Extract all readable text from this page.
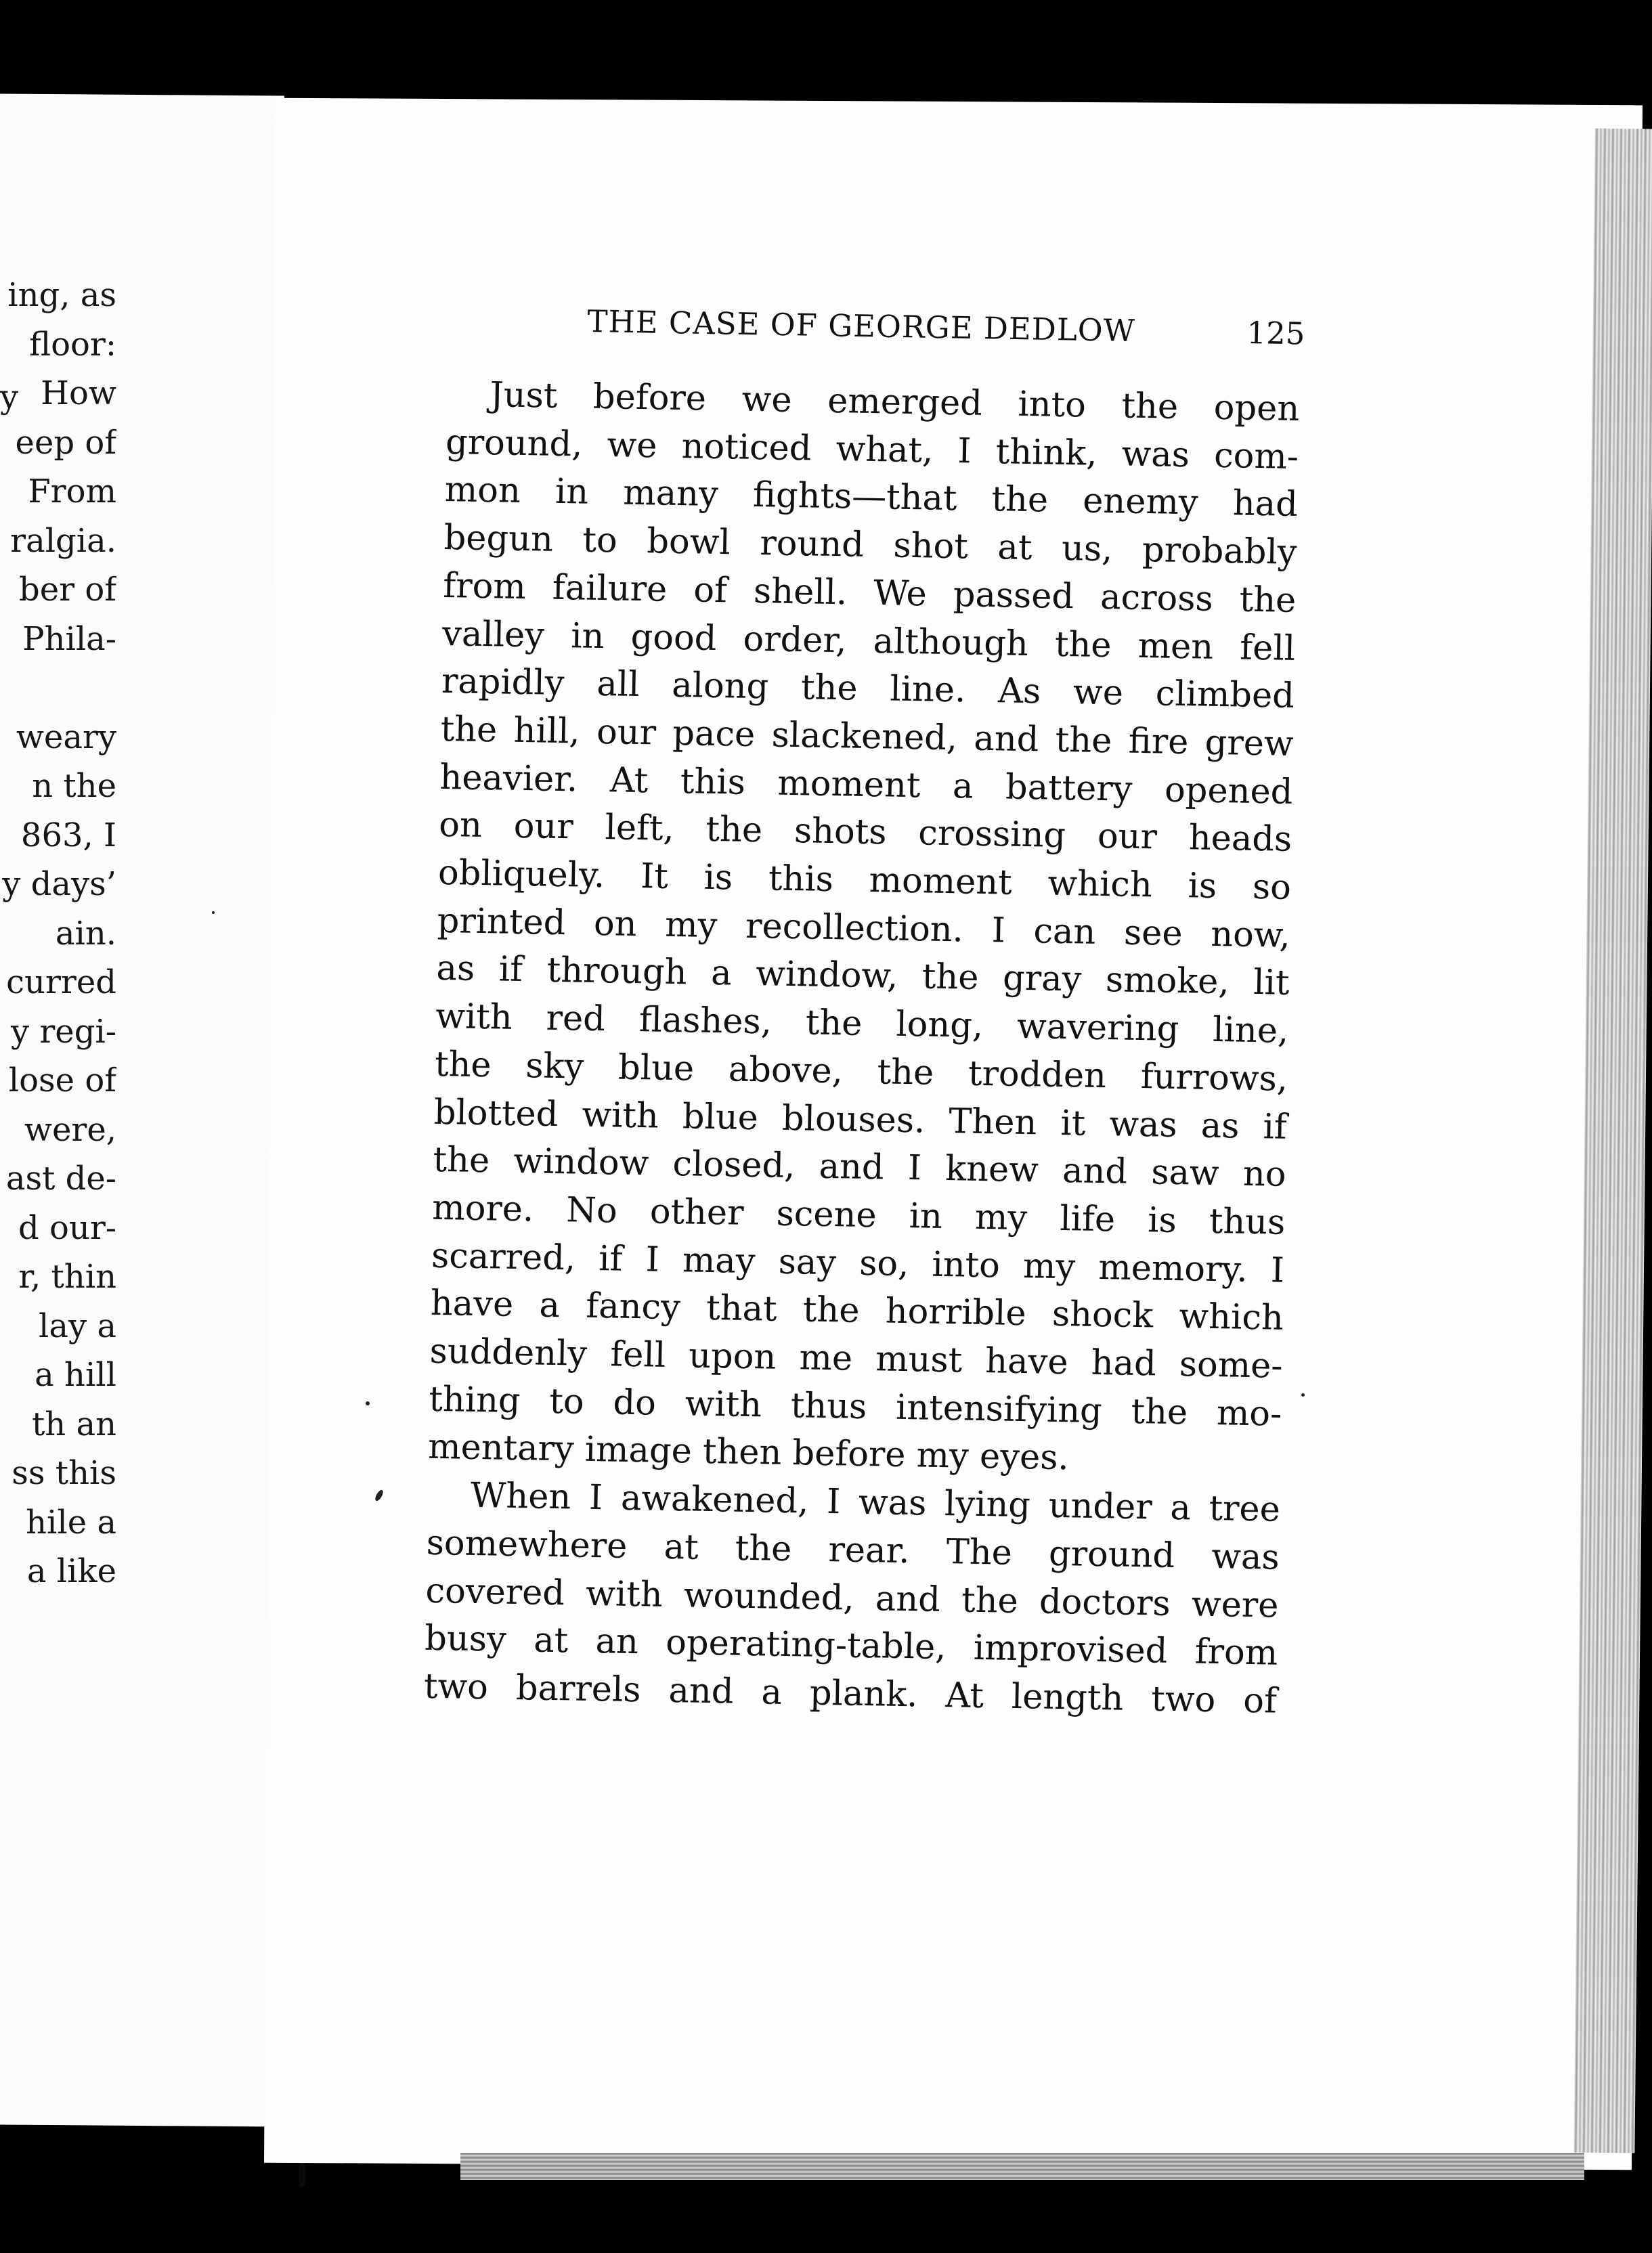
y
ing, as
floor:
How
eep of
From
ralgia.
ber of
Phila-
weary
n the
863, I
y days’
ain.
curred
y regi-
lose of
were,
ast de-
d our-
r, thin
lay a
a hill
th an
ss this
hile a
a like
THE CASE OF GEORGE DEDLOW	125

Just before we emerged into the open
ground, we noticed what, I think, was com-
mon in many fights—that the enemy had
begun to bowl round shot at us, probably
from failure of shell. We passed across the
valley in good order, although the men fell
rapidly all along the line. As we climbed
the hill, our pace slackened, and the fire grew
heavier. At this moment a battery opened
on our left, the shots crossing our heads
obliquely. It is this moment which is so
printed on my recollection. I can see now,
as if through a window, the gray smoke, lit
with red flashes, the long, wavering line,
the sky blue above, the trodden furrows,
blotted with blue blouses. Then it was as if
the window closed, and I knew and saw no
more. No other scene in my life is thus
scarred, if I may say so, into my memory. I
have a fancy that the horrible shock which
suddenly fell upon me must have had some-
thing to do with thus intensifying the mo-
mentary image then before my eyes.

When I awakened, I was lying under a tree
somewhere at the rear. The ground was
covered with wounded, and the doctors were
busy at an operating-table, improvised from
two barrels and a plank. At length two of
